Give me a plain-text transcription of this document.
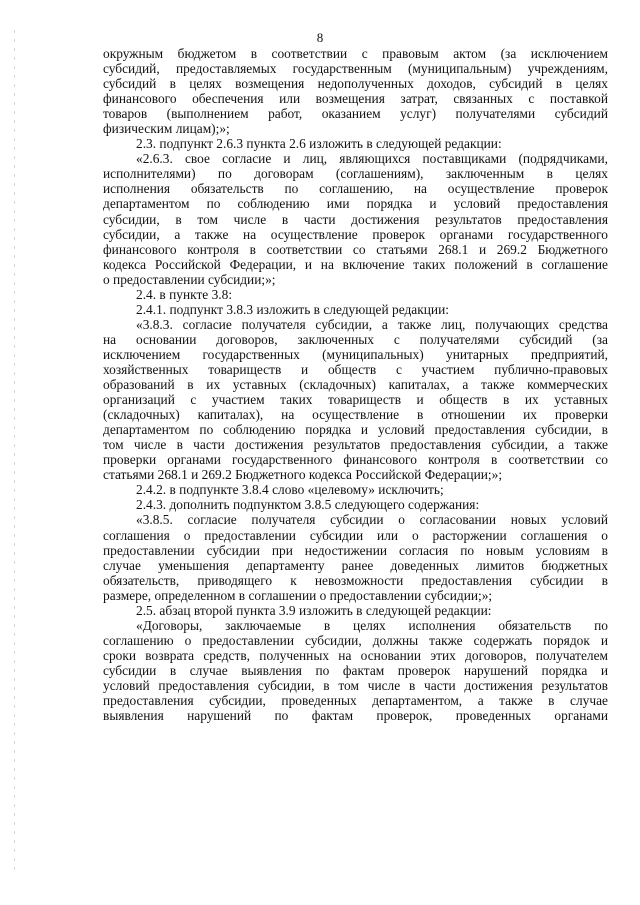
8
окружным бюджетом в соответствии с правовым актом (за исключением
субсидий, предоставляемых государственным (муниципальным) учреждениям,
субсидий в целях возмещения недополученных доходов, субсидий в целях
финансового обеспечения или возмещения затрат, связанных с поставкой
товаров (выполнением работ, оказанием услуг) получателями субсидий
физическим лицам);»;
2.3. подпункт 2.6.3 пункта 2.6 изложить в следующей редакции:
«2.6.3. свое согласие и лиц, являющихся поставщиками (подрядчиками,
исполнителями) по договорам (соглашениям), заключенным в целях
исполнения обязательств по соглашению, на осуществление проверок
департаментом по соблюдению ими порядка и условий предоставления
субсидии, в том числе в части достижения результатов предоставления
субсидии, а также на осуществление проверок органами государственного
финансового контроля в соответствии со статьями 268.1 и 269.2 Бюджетного
кодекса Российской Федерации, и на включение таких положений в соглашение
о предоставлении субсидии;»;
2.4. в пункте 3.8:
2.4.1. подпункт 3.8.3 изложить в следующей редакции:
«3.8.3. согласие получателя субсидии, а также лиц, получающих средства
на основании договоров, заключенных с получателями субсидий (за
исключением государственных (муниципальных) унитарных предприятий,
хозяйственных товариществ и обществ с участием публично-правовых
образований в их уставных (складочных) капиталах, а также коммерческих
организаций с участием таких товариществ и обществ в их уставных
(складочных) капиталах), на осуществление в отношении их проверки
департаментом по соблюдению порядка и условий предоставления субсидии, в
том числе в части достижения результатов предоставления субсидии, а также
проверки органами государственного финансового контроля в соответствии со
статьями 268.1 и 269.2 Бюджетного кодекса Российской Федерации;»;
2.4.2. в подпункте 3.8.4 слово «целевому» исключить;
2.4.3. дополнить подпунктом 3.8.5 следующего содержания:
«3.8.5. согласие получателя субсидии о согласовании новых условий
соглашения о предоставлении субсидии или о расторжении соглашения о
предоставлении субсидии при недостижении согласия по новым условиям в
случае уменьшения департаменту ранее доведенных лимитов бюджетных
обязательств, приводящего к невозможности предоставления субсидии в
размере, определенном в соглашении о предоставлении субсидии;»;
2.5. абзац второй пункта 3.9 изложить в следующей редакции:
«Договоры, заключаемые в целях исполнения обязательств по
соглашению о предоставлении субсидии, должны также содержать порядок и
сроки возврата средств, полученных на основании этих договоров, получателем
субсидии в случае выявления по фактам проверок нарушений порядка и
условий предоставления субсидии, в том числе в части достижения результатов
предоставления субсидии, проведенных департаментом, а также в случае
выявления нарушений по фактам проверок, проведенных органами
